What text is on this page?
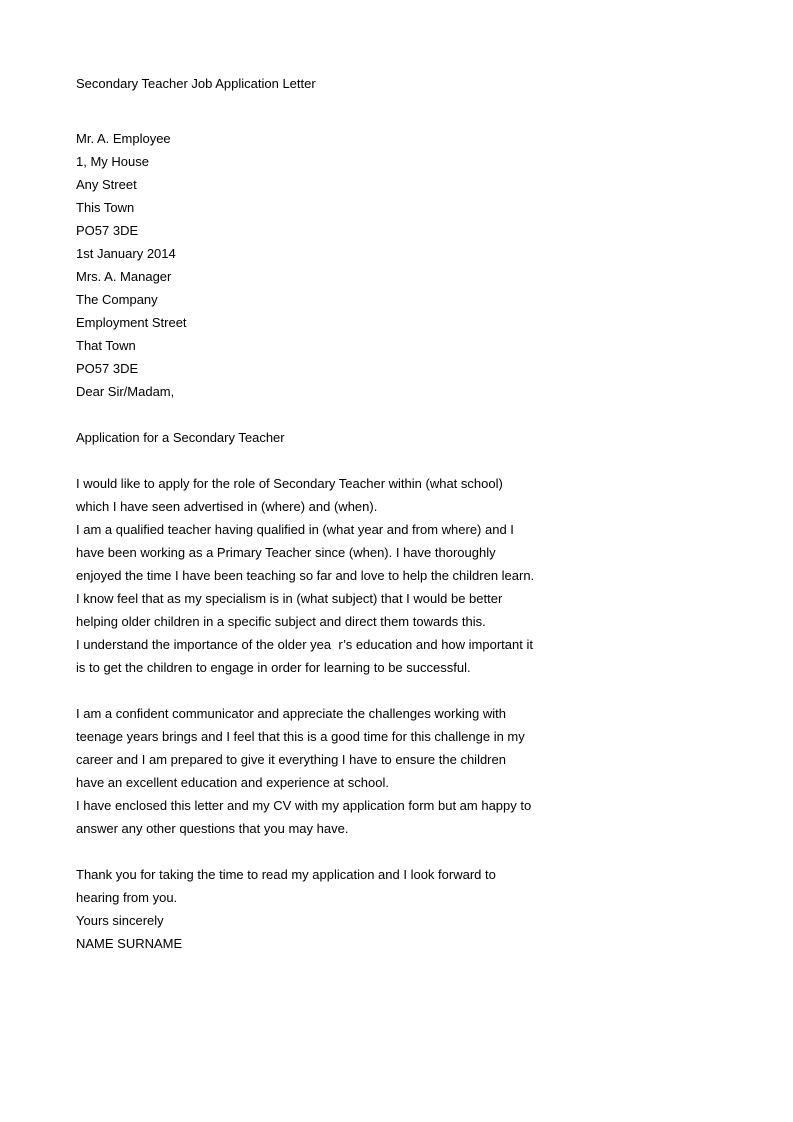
Secondary Teacher Job Application Letter
Mr. A. Employee
1, My House
Any Street
This Town
PO57 3DE
1st January 2014
Mrs. A. Manager
The Company
Employment Street
That Town
PO57 3DE
Dear Sir/Madam,
Application for a Secondary Teacher
I would like to apply for the role of Secondary Teacher within (what school)
which I have seen advertised in (where) and (when).
I am a qualified teacher having qualified in (what year and from where) and I
have been working as a Primary Teacher since (when). I have thoroughly
enjoyed the time I have been teaching so far and love to help the children learn.
I know feel that as my specialism is in (what subject) that I would be better
helping older children in a specific subject and direct them towards this.
I understand the importance of the older yea  r’s education and how important it
is to get the children to engage in order for learning to be successful.
I am a confident communicator and appreciate the challenges working with
teenage years brings and I feel that this is a good time for this challenge in my
career and I am prepared to give it everything I have to ensure the children
have an excellent education and experience at school.
I have enclosed this letter and my CV with my application form but am happy to
answer any other questions that you may have.
Thank you for taking the time to read my application and I look forward to
hearing from you.
Yours sincerely
NAME SURNAME
